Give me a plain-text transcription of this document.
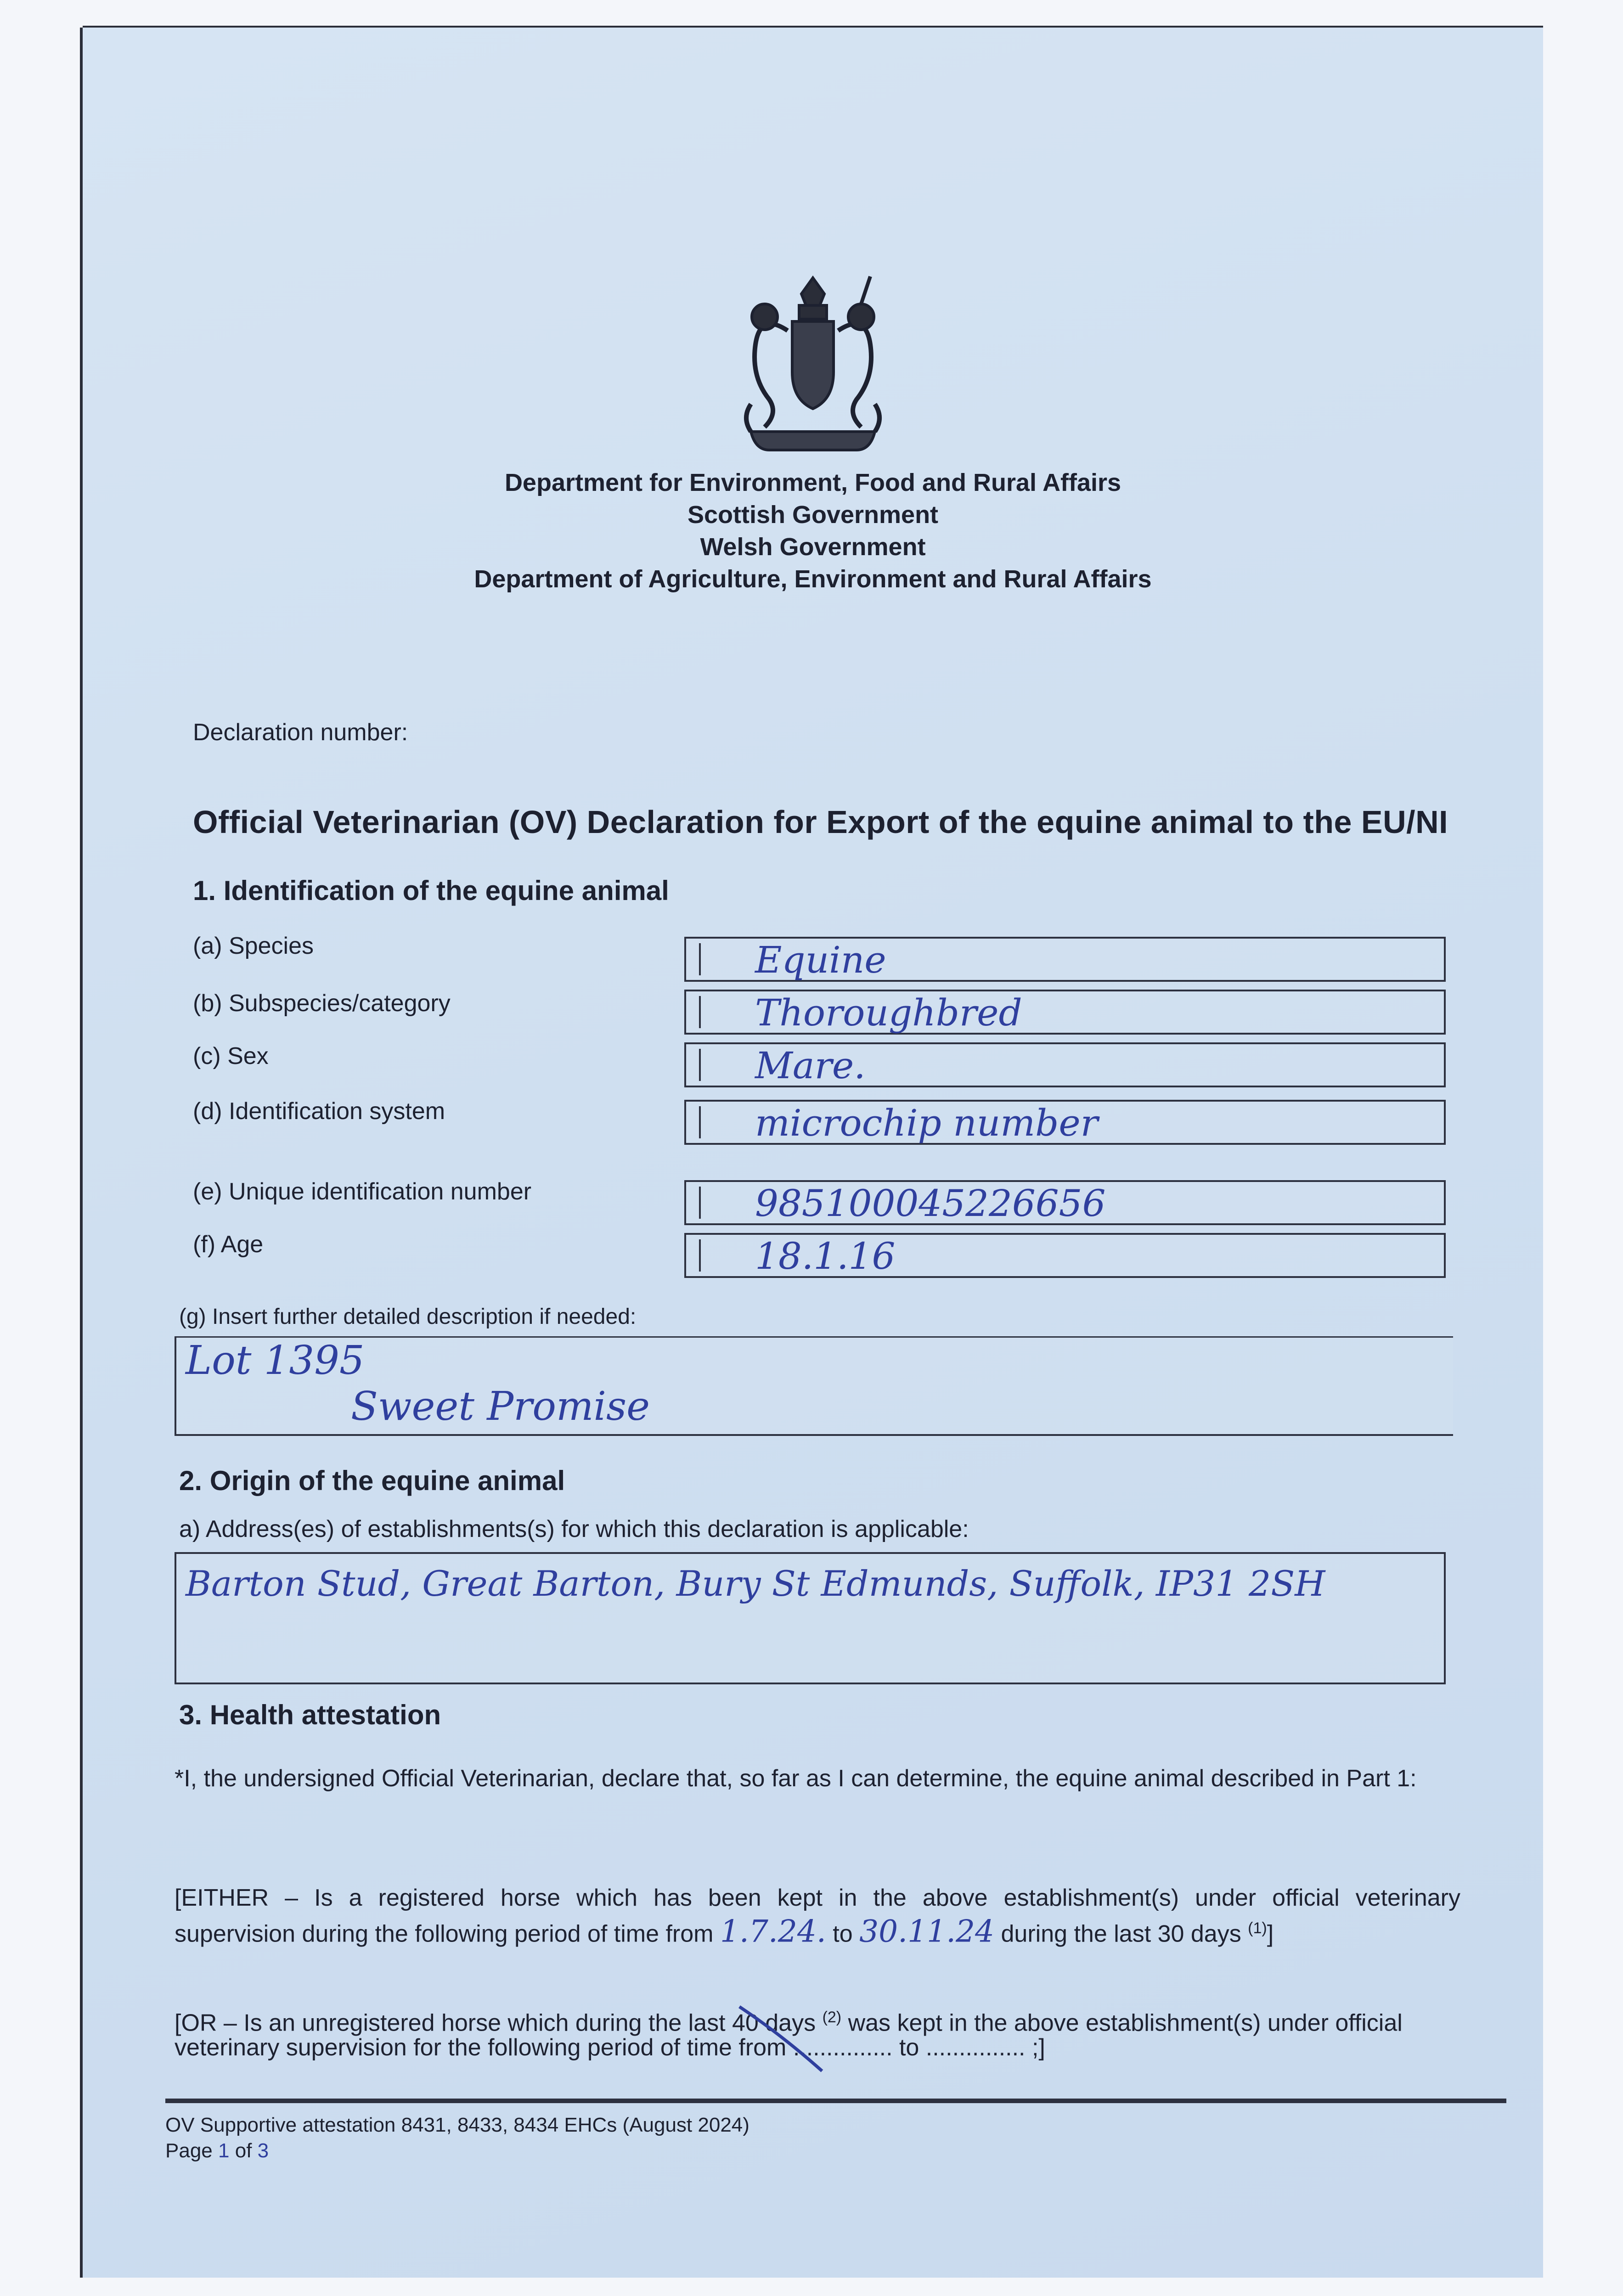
Department for Environment, Food and Rural Affairs
Scottish Government
Welsh Government
Department of Agriculture, Environment and Rural Affairs
Declaration number:
Official Veterinarian (OV) Declaration for Export of the equine animal to the EU/NI
1. Identification of the equine animal
(a) Species
(b) Subspecies/category
(c) Sex
(d) Identification system
(e) Unique identification number
(f) Age
Equine
Thoroughbred
Mare.
microchip number
985100045226656
18.1.16
(g) Insert further detailed description if needed:
Lot 1395
Sweet Promise
2. Origin of the equine animal
a) Address(es) of establishments(s) for which this declaration is applicable:
Barton Stud, Great Barton, Bury St Edmunds, Suffolk, IP31 2SH
3. Health attestation
*I, the undersigned Official Veterinarian, declare that, so far as I can determine, the equine animal described in Part 1:
[EITHER – Is a registered horse which has been kept in the above establishment(s) under official veterinary
supervision during the following period of time from 1.7.24. to 30.11.24 during the last 30 days $^{(1)}$]
[OR – Is an unregistered horse which during the last 40 days $^{(2)}$ was kept in the above establishment(s) under official
veterinary supervision for the following period of time from ............... to ............... ;]
OV Supportive attestation 8431, 8433, 8434 EHCs (August 2024)
Page 1 of 3
